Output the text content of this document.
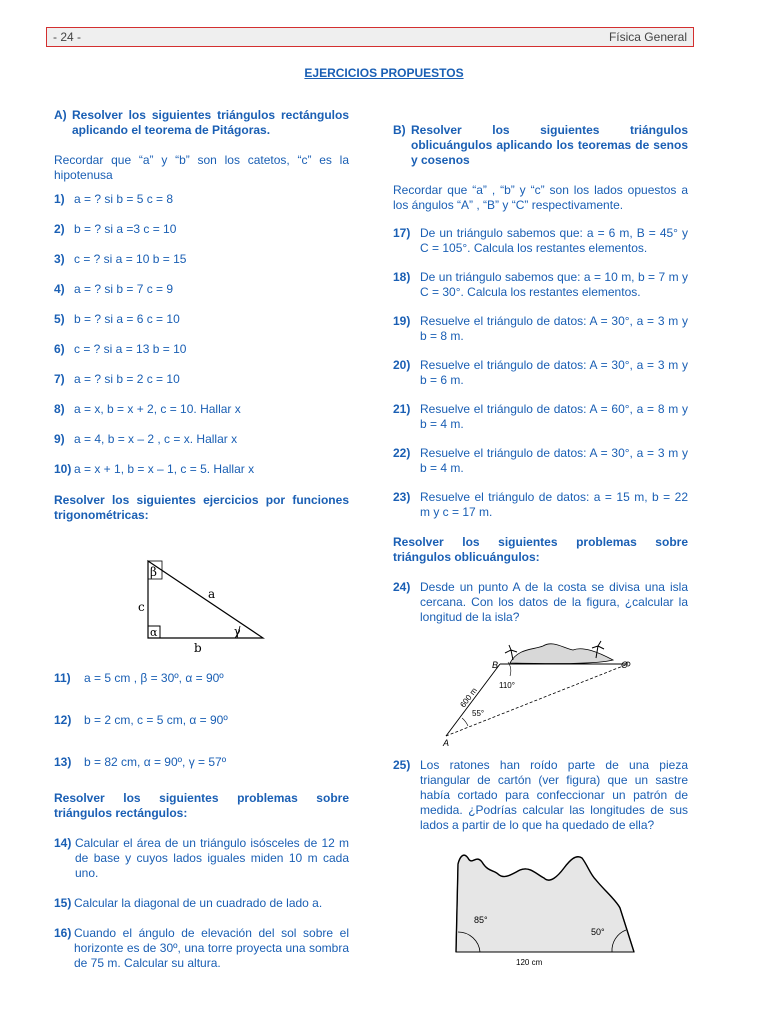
- 24 -	Física General
EJERCICIOS PROPUESTOS
A) Resolver los siguientes triángulos rectángulos aplicando el teorema de Pitágoras.
Recordar que “a” y “b” son los catetos, “c” es la hipotenusa
1) a = ? si b = 5 c = 8
2) b = ? si a =3 c = 10
3) c = ? si a = 10 b = 15
4) a = ? si b = 7 c = 9
5) b = ? si a = 6 c = 10
6) c = ? si a = 13 b = 10
7) a = ? si b = 2 c = 10
8) a = x, b = x + 2, c = 10. Hallar x
9) a = 4, b = x – 2 , c = x. Hallar x
10) a = x + 1, b = x – 1, c = 5. Hallar x
Resolver los siguientes ejercicios por funciones trigonométricas:
β
α	γ
a
c
b
11)	a = 5 cm , β = 30º, α = 90º
12)	b = 2 cm, c = 5 cm, α = 90º
13)	b = 82 cm, α = 90º, γ = 57º
Resolver los siguientes problemas sobre triángulos rectángulos:
14) Calcular el área de un triángulo isósceles de 12 m de base y cuyos lados iguales miden 10 m cada uno.
15) Calcular la diagonal de un cuadrado de lado a.
16) Cuando el ángulo de elevación del sol sobre el horizonte es de 30º, una torre proyecta una sombra de 75 m. Calcular su altura.
B) Resolver los siguientes triángulos oblicuángulos aplicando los teoremas de senos y cosenos
Recordar que “a” , “b” y “c” son los lados opuestos a los ángulos “A” , “B” y “C” respectivamente.
17) De un triángulo sabemos que: a = 6 m, B = 45° y C = 105°. Calcula los restantes elementos.
18) De un triángulo sabemos que: a = 10 m, b = 7 m y C = 30°. Calcula los restantes elementos.
19) Resuelve el triángulo de datos: A = 30°, a = 3 m y b = 8 m.
20) Resuelve el triángulo de datos: A = 30°, a = 3 m y b = 6 m.
21) Resuelve el triángulo de datos: A = 60°, a = 8 m y b = 4 m.
22) Resuelve el triángulo de datos: A = 30°, a = 3 m y b = 4 m.
23) Resuelve el triángulo de datos: a = 15 m, b = 22 m y c = 17 m.
Resolver los siguientes problemas sobre triángulos oblicuángulos:
24) Desde un punto A de la costa se divisa una isla cercana. Con los datos de la figura, ¿calcular la longitud de la isla?
B	C
A
110°
55°
600 m
25) Los ratones han roído parte de una pieza triangular de cartón (ver figura) que un sastre había cortado para confeccionar un patrón de medida. ¿Podrías calcular las longitudes de sus lados a partir de lo que ha quedado de ella?
85°
50°
120 cm
